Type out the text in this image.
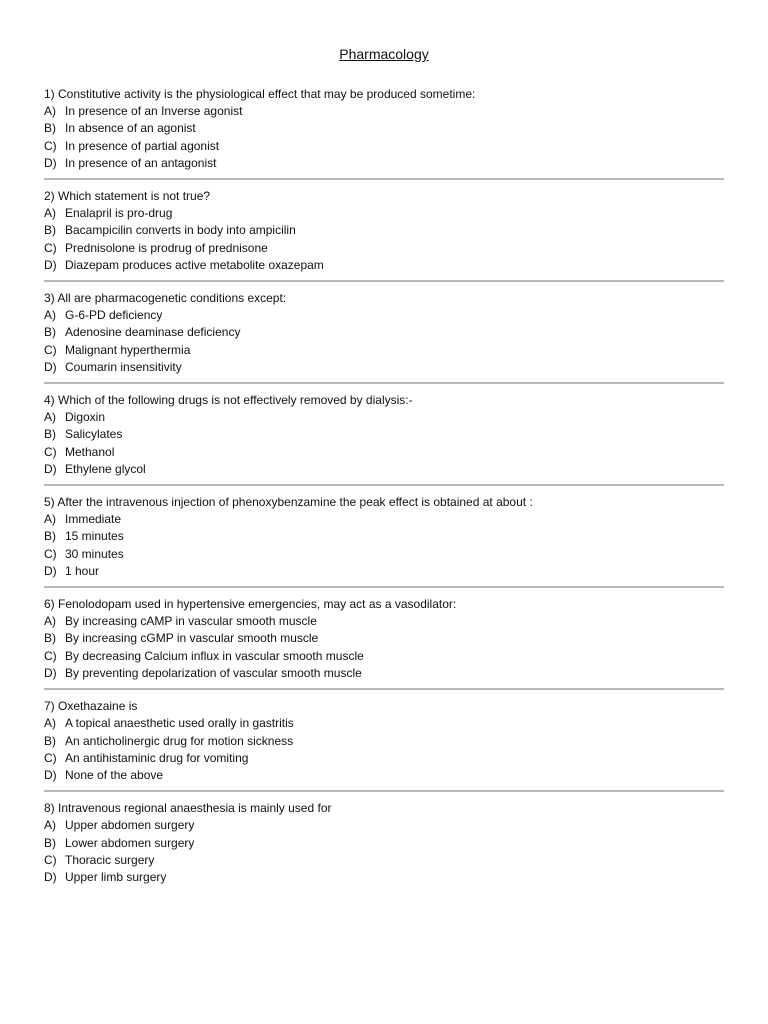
Pharmacology
1) Constitutive activity is the physiological effect that may be produced sometime:
A) In presence of an Inverse agonist
B) In absence of an agonist
C) In presence of partial agonist
D) In presence of an antagonist
2) Which statement is not true?
A) Enalapril is pro-drug
B) Bacampicilin converts in body into ampicilin
C) Prednisolone is prodrug of prednisone
D) Diazepam produces active metabolite oxazepam
3) All are pharmacogenetic conditions except:
A) G-6-PD deficiency
B) Adenosine deaminase deficiency
C) Malignant hyperthermia
D) Coumarin insensitivity
4) Which of the following drugs is not effectively removed by dialysis:-
A) Digoxin
B) Salicylates
C) Methanol
D) Ethylene glycol
5) After the intravenous injection of phenoxybenzamine the peak effect is obtained at about :
A) Immediate
B) 15 minutes
C) 30 minutes
D) 1 hour
6) Fenolodopam used in hypertensive emergencies, may act as a vasodilator:
A) By increasing cAMP in vascular smooth muscle
B) By increasing cGMP in vascular smooth muscle
C) By decreasing Calcium influx in vascular smooth muscle
D) By preventing depolarization of vascular smooth muscle
7) Oxethazaine is
A) A topical anaesthetic used orally in gastritis
B) An anticholinergic drug for motion sickness
C) An antihistaminic drug for vomiting
D) None of the above
8) Intravenous regional anaesthesia is mainly used for
A) Upper abdomen surgery
B) Lower abdomen surgery
C) Thoracic surgery
D) Upper limb surgery
